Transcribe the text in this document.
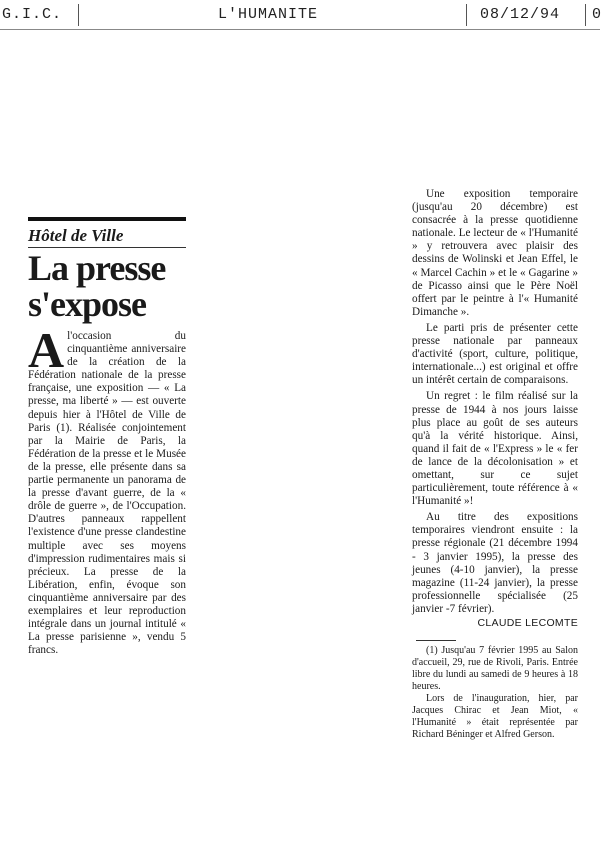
G.I.C.	L'HUMANITE	08/12/94 0
Hôtel de Ville
La presse
s'expose
A l'occasion du cinquantième anniversaire de la création de la Fédération nationale de la presse française, une exposition — « La presse, ma liberté » — est ouverte depuis hier à l'Hôtel de Ville de Paris (1). Réalisée conjointement par la Mairie de Paris, la Fédération de la presse et le Musée de la presse, elle présente dans sa partie permanente un panorama de la presse d'avant guerre, de la « drôle de guerre », de l'Occupation. D'autres panneaux rappellent l'existence d'une presse clandestine multiple avec ses moyens d'impression rudimentaires mais si précieux. La presse de la Libération, enfin, évoque son cinquantième anniversaire par des exemplaires et leur reproduction intégrale dans un journal intitulé « La presse parisienne », vendu 5 francs.

Une exposition temporaire (jusqu'au 20 décembre) est consacrée à la presse quotidienne nationale. Le lecteur de « l'Humanité » y retrouvera avec plaisir des dessins de Wolinski et Jean Effel, le « Marcel Cachin » et le « Gagarine » de Picasso ainsi que le Père Noël offert par le peintre à l'« Humanité Dimanche ».

Le parti pris de présenter cette presse nationale par panneaux d'activité (sport, culture, politique, internationale...) est original et offre un intérêt certain de comparaisons.

Un regret : le film réalisé sur la presse de 1944 à nos jours laisse plus place au goût de ses auteurs qu'à la vérité historique. Ainsi, quand il fait de « l'Express » le « fer de lance de la décolonisation » et omettant, sur ce sujet particulièrement, toute référence à « l'Humanité »!

Au titre des expositions temporaires viendront ensuite : la presse régionale (21 décembre 1994 - 3 janvier 1995), la presse des jeunes (4-10 janvier), la presse magazine (11-24 janvier), la presse professionnelle spécialisée (25 janvier -7 février).

CLAUDE LECOMTE

(1) Jusqu'au 7 février 1995 au Salon d'accueil, 29, rue de Rivoli, Paris. Entrée libre du lundi au samedi de 9 heures à 18 heures.

Lors de l'inauguration, hier, par Jacques Chirac et Jean Miot, « l'Humanité » était représentée par Richard Béninger et Alfred Gerson.
